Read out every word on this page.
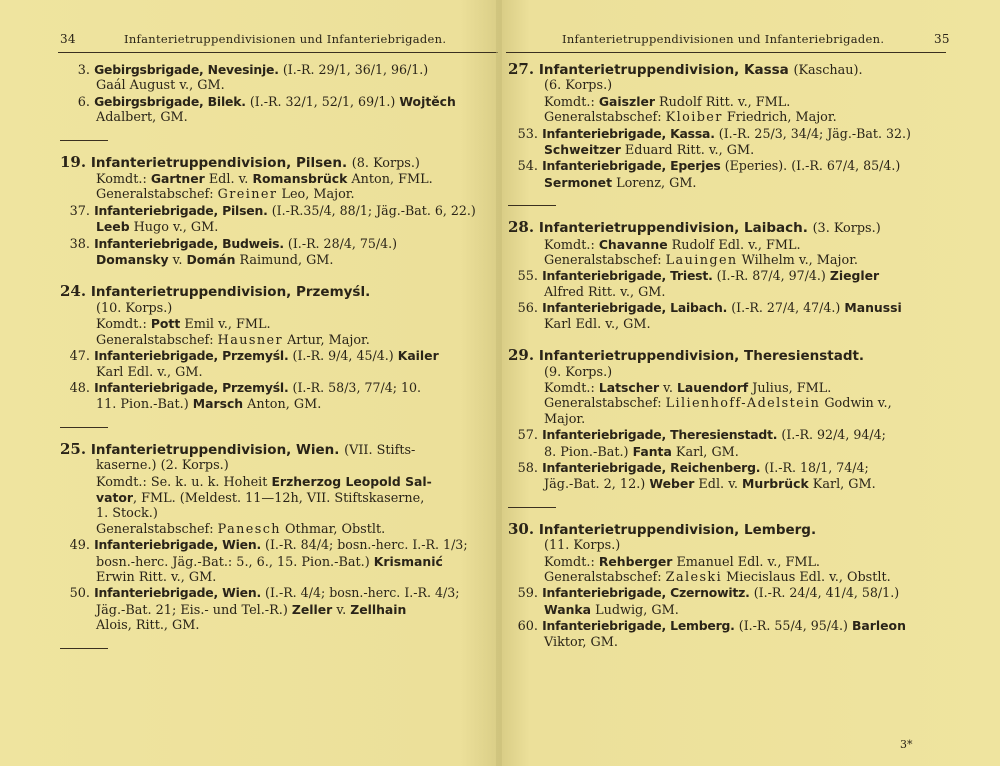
34	Infanterietruppendivisionen und Infanteriebrigaden.
3. Gebirgsbrigade, Nevesinje. (I.-R. 29/1, 36/1, 96/1.)
Gaál August v., GM.
6. Gebirgsbrigade, Bilek. (I.-R. 32/1, 52/1, 69/1.) Wojtěch
Adalbert, GM.
19. Infanterietruppendivision, Pilsen. (8. Korps.)
Komdt.: Gartner Edl. v. Romansbrück Anton, FML.
Generalstabschef: Greiner Leo, Major.
37. Infanteriebrigade, Pilsen. (I.-R.35/4, 88/1; Jäg.-Bat. 6, 22.)
Leeb Hugo v., GM.
38. Infanteriebrigade, Budweis. (I.-R. 28/4, 75/4.)
Domansky v. Domán Raimund, GM.
24. Infanterietruppendivision, Przemyśl.
(10. Korps.)
Komdt.: Pott Emil v., FML.
Generalstabschef: Hausner Artur, Major.
47. Infanteriebrigade, Przemyśl. (I.-R. 9/4, 45/4.) Kailer
Karl Edl. v., GM.
48. Infanteriebrigade, Przemyśl. (I.-R. 58/3, 77/4; 10.
11. Pion.-Bat.) Marsch Anton, GM.
25. Infanterietruppendivision, Wien. (VII. Stifts-
kaserne.) (2. Korps.)
Komdt.: Se. k. u. k. Hoheit Erzherzog Leopold Sal-
vator, FML. (Meldest. 11—12h, VII. Stiftskaserne,
1. Stock.)
Generalstabschef: Panesch Othmar, Obstlt.
49. Infanteriebrigade, Wien. (I.-R. 84/4; bosn.-herc. I.-R. 1/3;
bosn.-herc. Jäg.-Bat.: 5., 6., 15. Pion.-Bat.) Krismanić
Erwin Ritt. v., GM.
50. Infanteriebrigade, Wien. (I.-R. 4/4; bosn.-herc. I.-R. 4/3;
Jäg.-Bat. 21; Eis.- und Tel.-R.) Zeller v. Zellhain
Alois, Ritt., GM.
Infanterietruppendivisionen und Infanteriebrigaden.	35
27. Infanterietruppendivision, Kassa (Kaschau).
(6. Korps.)
Komdt.: Gaiszler Rudolf Ritt. v., FML.
Generalstabschef: Kloiber Friedrich, Major.
53. Infanteriebrigade, Kassa. (I.-R. 25/3, 34/4; Jäg.-Bat. 32.)
Schweitzer Eduard Ritt. v., GM.
54. Infanteriebrigade, Eperjes (Eperies). (I.-R. 67/4, 85/4.)
Sermonet Lorenz, GM.
28. Infanterietruppendivision, Laibach. (3. Korps.)
Komdt.: Chavanne Rudolf Edl. v., FML.
Generalstabschef: Lauingen Wilhelm v., Major.
55. Infanteriebrigade, Triest. (I.-R. 87/4, 97/4.) Ziegler
Alfred Ritt. v., GM.
56. Infanteriebrigade, Laibach. (I.-R. 27/4, 47/4.) Manussi
Karl Edl. v., GM.
29. Infanterietruppendivision, Theresienstadt.
(9. Korps.)
Komdt.: Latscher v. Lauendorf Julius, FML.
Generalstabschef: Lilienhoff-Adelstein Godwin v.,
Major.
57. Infanteriebrigade, Theresienstadt. (I.-R. 92/4, 94/4;
8. Pion.-Bat.) Fanta Karl, GM.
58. Infanteriebrigade, Reichenberg. (I.-R. 18/1, 74/4;
Jäg.-Bat. 2, 12.) Weber Edl. v. Murbrück Karl, GM.
30. Infanterietruppendivision, Lemberg.
(11. Korps.)
Komdt.: Rehberger Emanuel Edl. v., FML.
Generalstabschef: Zaleski Miecislaus Edl. v., Obstlt.
59. Infanteriebrigade, Czernowitz. (I.-R. 24/4, 41/4, 58/1.)
Wanka Ludwig, GM.
60. Infanteriebrigade, Lemberg. (I.-R. 55/4, 95/4.) Barleon
Viktor, GM.
3*
